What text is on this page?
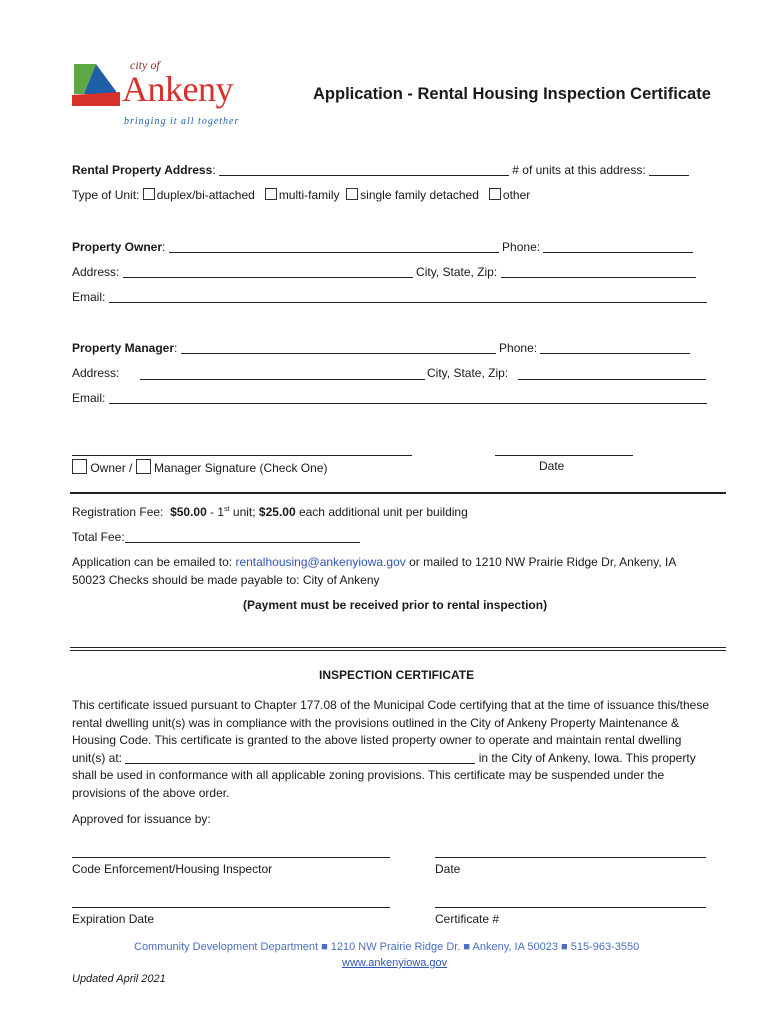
city of
Ankeny
bringing it all together
Application - Rental Housing Inspection Certificate
Rental Property Address:	# of units at this address:
Type of Unit: duplex/bi-attached multi-family single family detached other
Property Owner:	Phone:
Address:	City, State, Zip:
Email:
Property Manager:	Phone:
Address:	City, State, Zip:
Email:
Owner / Manager Signature (Check One)	Date
Registration Fee: $50.00 - 1st unit; $25.00 each additional unit per building
Total Fee:
Application can be emailed to: rentalhousing@ankenyiowa.gov or mailed to 1210 NW Prairie Ridge Dr, Ankeny, IA
50023 Checks should be made payable to: City of Ankeny
(Payment must be received prior to rental inspection)
INSPECTION CERTIFICATE
This certificate issued pursuant to Chapter 177.08 of the Municipal Code certifying that at the time of issuance this/these rental dwelling unit(s) was in compliance with the provisions outlined in the City of Ankeny Property Maintenance & Housing Code. This certificate is granted to the above listed property owner to operate and maintain rental dwelling unit(s) at:	in the City of Ankeny, Iowa. This property shall be used in conformance with all applicable zoning provisions. This certificate may be suspended under the provisions of the above order.
Approved for issuance by:
Code Enforcement/Housing Inspector	Date
Expiration Date	Certificate #
Community Development Department ■ 1210 NW Prairie Ridge Dr. ■ Ankeny, IA 50023 ■ 515-963-3550
www.ankenyiowa.gov
Updated April 2021
